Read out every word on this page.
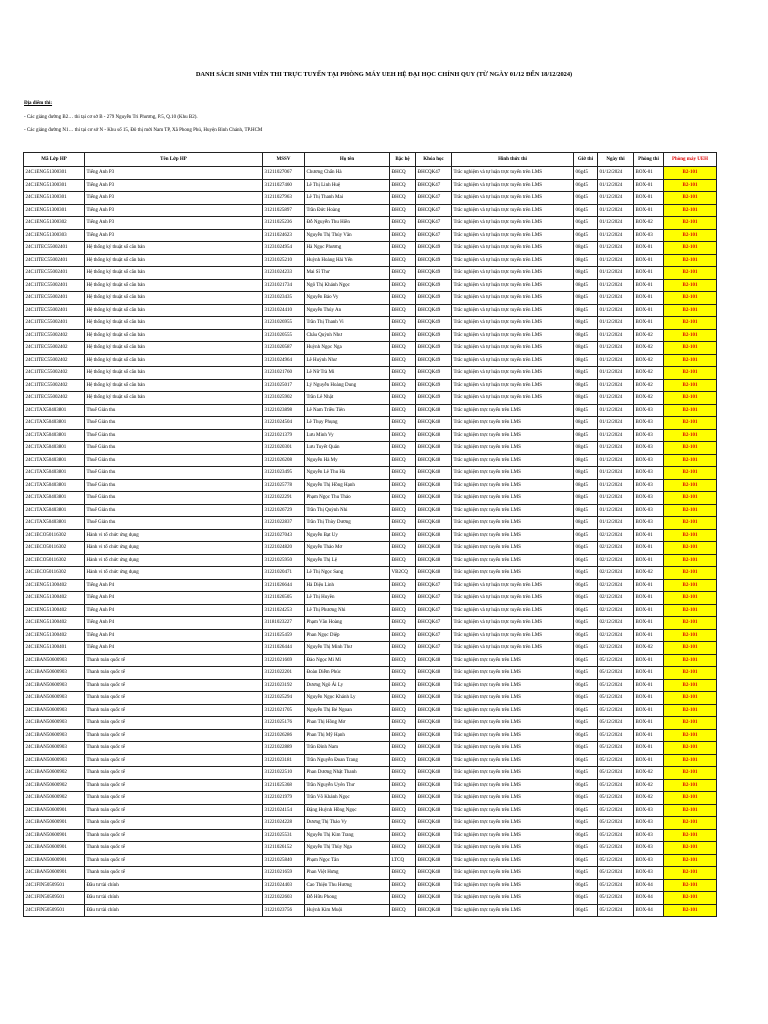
DANH SÁCH SINH VIÊN THI TRỰC TUYẾN TẠI PHÒNG MÁY UEH HỆ ĐẠI HỌC CHÍNH QUY (TỪ NGÀY 01/12 ĐẾN 18/12/2024)
Địa điểm thi:
- Các giảng đường B2… thi tại cơ sở B - 279 Nguyễn Tri Phương, P.5, Q.10 (Khu B2).
- Các giảng đường N1… thi tại cơ sở N - Khu số 15, Đô thị mới Nam TP, Xã Phong Phú, Huyện Bình Chánh, TP.HCM
Mã Lớp HP	Tên Lớp HP	MSSV	Họ tên	Bậc hệ	Khóa học	Hình thức thi	Giờ thi	Ngày thi	Phòng thi	Phòng máy UEH
24C1ENG51300301	Tiếng Anh P3	31211027067	Chương Chấn Hà	ĐHCQ	ĐHCQK47	Trắc nghiệm và tự luận trực tuyến trên LMS	06g45	01/12/2024	BOX-01	B2-101
24C1ENG51300301	Tiếng Anh P3	31211027460	Lê Thị Linh Huệ	ĐHCQ	ĐHCQK47	Trắc nghiệm và tự luận trực tuyến trên LMS	06g45	01/12/2024	BOX-01	B2-101
24C1ENG51300301	Tiếng Anh P3	31211027963	Lê Thị Thanh Mai	ĐHCQ	ĐHCQK47	Trắc nghiệm và tự luận trực tuyến trên LMS	06g45	01/12/2024	BOX-01	B2-101
24C1ENG51300301	Tiếng Anh P3	31211025897	Trần Đức Hoàng	ĐHCQ	ĐHCQK47	Trắc nghiệm và tự luận trực tuyến trên LMS	06g45	01/12/2024	BOX-01	B2-101
24C1ENG51300302	Tiếng Anh P3	31211025236	Đỗ Nguyễn Thu Hiền	ĐHCQ	ĐHCQK47	Trắc nghiệm và tự luận trực tuyến trên LMS	06g45	01/12/2024	BOX-02	B2-101
24C1ENG51300303	Tiếng Anh P3	31211024623	Nguyễn Thị Thúy Vân	ĐHCQ	ĐHCQK47	Trắc nghiệm và tự luận trực tuyến trên LMS	06g45	01/12/2024	BOX-03	B2-101
24C1ITEC55002401	Hệ thống ký thuật số căn bản	31231024954	Hà Ngọc Phương	ĐHCQ	ĐHCQK49	Trắc nghiệm và tự luận trực tuyến trên LMS	08g45	01/12/2024	BOX-01	B2-101
24C1ITEC55002401	Hệ thống ký thuật số căn bản	31231025210	Huỳnh Hoàng Hải Yến	ĐHCQ	ĐHCQK49	Trắc nghiệm và tự luận trực tuyến trên LMS	08g45	01/12/2024	BOX-01	B2-101
24C1ITEC55002401	Hệ thống ký thuật số căn bản	31231024233	Mai Sĩ Thư	ĐHCQ	ĐHCQK49	Trắc nghiệm và tự luận trực tuyến trên LMS	08g45	01/12/2024	BOX-01	B2-101
24C1ITEC55002401	Hệ thống ký thuật số căn bản	31231021734	Ngô Thị Khánh Ngọc	ĐHCQ	ĐHCQK49	Trắc nghiệm và tự luận trực tuyến trên LMS	08g45	01/12/2024	BOX-01	B2-101
24C1ITEC55002401	Hệ thống ký thuật số căn bản	31231023435	Nguyễn Bảo Vy	ĐHCQ	ĐHCQK49	Trắc nghiệm và tự luận trực tuyến trên LMS	08g45	01/12/2024	BOX-01	B2-101
24C1ITEC55002401	Hệ thống ký thuật số căn bản	31231024410	Nguyễn Thúy An	ĐHCQ	ĐHCQK49	Trắc nghiệm và tự luận trực tuyến trên LMS	08g45	01/12/2024	BOX-01	B2-101
24C1ITEC55002401	Hệ thống ký thuật số căn bản	31231026955	Trần Thị Thanh Vi	ĐHCQ	ĐHCQK49	Trắc nghiệm và tự luận trực tuyến trên LMS	08g45	01/12/2024	BOX-01	B2-101
24C1ITEC55002402	Hệ thống ký thuật số căn bản	31231020555	Châu Quỳnh Như	ĐHCQ	ĐHCQK49	Trắc nghiệm và tự luận trực tuyến trên LMS	08g45	01/12/2024	BOX-02	B2-101
24C1ITEC55002402	Hệ thống ký thuật số căn bản	31231020587	Huỳnh Ngọc Nga	ĐHCQ	ĐHCQK49	Trắc nghiệm và tự luận trực tuyến trên LMS	08g45	01/12/2024	BOX-02	B2-101
24C1ITEC55002402	Hệ thống ký thuật số căn bản	31231024964	Lê Huỳnh Như	ĐHCQ	ĐHCQK49	Trắc nghiệm và tự luận trực tuyến trên LMS	08g45	01/12/2024	BOX-02	B2-101
24C1ITEC55002402	Hệ thống ký thuật số căn bản	31231021760	Lê Nữ Trà Mi	ĐHCQ	ĐHCQK49	Trắc nghiệm và tự luận trực tuyến trên LMS	08g45	01/12/2024	BOX-02	B2-101
24C1ITEC55002402	Hệ thống ký thuật số căn bản	31231025017	Lý Nguyễn Hoàng Dung	ĐHCQ	ĐHCQK49	Trắc nghiệm và tự luận trực tuyến trên LMS	08g45	01/12/2024	BOX-02	B2-101
24C1ITEC55002402	Hệ thống ký thuật số căn bản	31231025902	Trần Lê Nhật	ĐHCQ	ĐHCQK49	Trắc nghiệm và tự luận trực tuyến trên LMS	08g45	01/12/2024	BOX-02	B2-101
24C1TAX50403801	Thuế Giản thu	31221023898	Lê Nam Triều Tiên	ĐHCQ	ĐHCQK48	Trắc nghiệm trực tuyến trên LMS	08g45	01/12/2024	BOX-03	B2-101
24C1TAX50403801	Thuế Giản thu	31221024504	Lê Thụy Phụng	ĐHCQ	ĐHCQK48	Trắc nghiệm trực tuyến trên LMS	08g45	01/12/2024	BOX-03	B2-101
24C1TAX50403801	Thuế Giản thu	31221021379	Lưu Minh Vy	ĐHCQ	ĐHCQK48	Trắc nghiệm trực tuyến trên LMS	08g45	01/12/2024	BOX-03	B2-101
24C1TAX50403801	Thuế Giản thu	31221020301	Lưu Tuyết Quân	ĐHCQ	ĐHCQK48	Trắc nghiệm trực tuyến trên LMS	08g45	01/12/2024	BOX-03	B2-101
24C1TAX50403801	Thuế Giản thu	31221026208	Nguyễn Hà My	ĐHCQ	ĐHCQK48	Trắc nghiệm trực tuyến trên LMS	08g45	01/12/2024	BOX-03	B2-101
24C1TAX50403801	Thuế Giản thu	31221023495	Nguyễn Lê Thu Hà	ĐHCQ	ĐHCQK48	Trắc nghiệm trực tuyến trên LMS	08g45	01/12/2024	BOX-03	B2-101
24C1TAX50403801	Thuế Giản thu	31221025778	Nguyễn Thị Hồng Hạnh	ĐHCQ	ĐHCQK48	Trắc nghiệm trực tuyến trên LMS	08g45	01/12/2024	BOX-03	B2-101
24C1TAX50403801	Thuế Giản thu	31221022291	Phạm Ngọc Thu Thảo	ĐHCQ	ĐHCQK48	Trắc nghiệm trực tuyến trên LMS	08g45	01/12/2024	BOX-03	B2-101
24C1TAX50403801	Thuế Giản thu	31221026729	Trần Thị Quỳnh Nhi	ĐHCQ	ĐHCQK48	Trắc nghiệm trực tuyến trên LMS	08g45	01/12/2024	BOX-03	B2-101
24C1TAX50403801	Thuế Giản thu	31221022837	Trần Thị Thùy Dương	ĐHCQ	ĐHCQK48	Trắc nghiệm trực tuyến trên LMS	08g45	01/12/2024	BOX-03	B2-101
24C1ECO50116302	Hành vi tổ chức ứng dụng	31221027043	Nguyễn Bạt Uy	ĐHCQ	ĐHCQK48	Trắc nghiệm trực tuyến trên LMS	06g45	02/12/2024	BOX-01	B2-101
24C1ECO50116302	Hành vi tổ chức ứng dụng	31221024820	Nguyễn Thảo Mơ	ĐHCQ	ĐHCQK48	Trắc nghiệm trực tuyến trên LMS	06g45	02/12/2024	BOX-01	B2-101
24C1ECO50116302	Hành vi tổ chức ứng dụng	31221025950	Nguyễn Thị Lệ	ĐHCQ	ĐHCQK48	Trắc nghiệm trực tuyến trên LMS	06g45	02/12/2024	BOX-01	B2-101
24C1ECO50116302	Hành vi tổ chức ứng dụng	31221020471	Lê Thị Ngọc Sang	VB2CQ	ĐHCQK48	Trắc nghiệm trực tuyến trên LMS	06g45	02/12/2024	BOX-02	B2-101
24C1ENG51300402	Tiếng Anh P4	31211026644	Hà Diệu Linh	ĐHCQ	ĐHCQK47	Trắc nghiệm và tự luận trực tuyến trên LMS	06g45	02/12/2024	BOX-01	B2-101
24C1ENG51300402	Tiếng Anh P4	31211026505	Lê Thị Huyền	ĐHCQ	ĐHCQK47	Trắc nghiệm và tự luận trực tuyến trên LMS	06g45	02/12/2024	BOX-01	B2-101
24C1ENG51300402	Tiếng Anh P4	31211024253	Lê Thị Phương Nhi	ĐHCQ	ĐHCQK47	Trắc nghiệm và tự luận trực tuyến trên LMS	06g45	02/12/2024	BOX-01	B2-101
24C1ENG51300402	Tiếng Anh P4	31181023227	Phạm Văn Hoàng	ĐHCQ	ĐHCQK47	Trắc nghiệm và tự luận trực tuyến trên LMS	06g45	02/12/2024	BOX-01	B2-101
24C1ENG51300402	Tiếng Anh P4	31211025459	Phan Ngọc Diệp	ĐHCQ	ĐHCQK47	Trắc nghiệm và tự luận trực tuyến trên LMS	06g45	02/12/2024	BOX-01	B2-101
24C1ENG51300401	Tiếng Anh P4	31211026444	Nguyễn Thị Minh Thư	ĐHCQ	ĐHCQK47	Trắc nghiệm và tự luận trực tuyến trên LMS	06g45	02/12/2024	BOX-02	B2-101
24C1BAN50600903	Thanh toán quốc tế	31221021669	Đào Ngọc Mi Mi	ĐHCQ	ĐHCQK48	Trắc nghiệm trực tuyến trên LMS	06g45	05/12/2024	BOX-01	B2-101
24C1BAN50600903	Thanh toán quốc tế	31221022201	Đoàn Diễm Phúc	ĐHCQ	ĐHCQK48	Trắc nghiệm trực tuyến trên LMS	06g45	05/12/2024	BOX-01	B2-101
24C1BAN50600903	Thanh toán quốc tế	31221023192	Dương Ngô Ái Ly	ĐHCQ	ĐHCQK48	Trắc nghiệm trực tuyến trên LMS	06g45	05/12/2024	BOX-01	B2-101
24C1BAN50600903	Thanh toán quốc tế	31221025294	Nguyễn Ngọc Khánh Ly	ĐHCQ	ĐHCQK48	Trắc nghiệm trực tuyến trên LMS	06g45	05/12/2024	BOX-01	B2-101
24C1BAN50600903	Thanh toán quốc tế	31221021705	Nguyễn Thị Bé Ngoan	ĐHCQ	ĐHCQK48	Trắc nghiệm trực tuyến trên LMS	06g45	05/12/2024	BOX-01	B2-101
24C1BAN50600903	Thanh toán quốc tế	31221025176	Phan Thị Hồng Mơ	ĐHCQ	ĐHCQK48	Trắc nghiệm trực tuyến trên LMS	06g45	05/12/2024	BOX-01	B2-101
24C1BAN50600903	Thanh toán quốc tế	31221026286	Phan Thị Mỹ Hạnh	ĐHCQ	ĐHCQK48	Trắc nghiệm trực tuyến trên LMS	06g45	05/12/2024	BOX-01	B2-101
24C1BAN50600903	Thanh toán quốc tế	31221022889	Trần Đình Nam	ĐHCQ	ĐHCQK48	Trắc nghiệm trực tuyến trên LMS	06g45	05/12/2024	BOX-01	B2-101
24C1BAN50600903	Thanh toán quốc tế	31221023181	Trần Nguyễn Đoan Trang	ĐHCQ	ĐHCQK48	Trắc nghiệm trực tuyến trên LMS	06g45	05/12/2024	BOX-01	B2-101
24C1BAN50600902	Thanh toán quốc tế	31221022510	Phan Dương Nhật Thanh	ĐHCQ	ĐHCQK48	Trắc nghiệm trực tuyến trên LMS	06g45	05/12/2024	BOX-02	B2-101
24C1BAN50600902	Thanh toán quốc tế	31211025368	Trần Nguyễn Uyên Thư	ĐHCQ	ĐHCQK48	Trắc nghiệm trực tuyến trên LMS	06g45	05/12/2024	BOX-02	B2-101
24C1BAN50600902	Thanh toán quốc tế	31221021979	Trần Võ Khánh Ngọc	ĐHCQ	ĐHCQK48	Trắc nghiệm trực tuyến trên LMS	06g45	05/12/2024	BOX-02	B2-101
24C1BAN50600901	Thanh toán quốc tế	31221024154	Đặng Huỳnh Hồng Ngọc	ĐHCQ	ĐHCQK48	Trắc nghiệm trực tuyến trên LMS	06g45	05/12/2024	BOX-03	B2-101
24C1BAN50600901	Thanh toán quốc tế	31221024228	Dương Thị Thảo Vy	ĐHCQ	ĐHCQK48	Trắc nghiệm trực tuyến trên LMS	06g45	05/12/2024	BOX-03	B2-101
24C1BAN50600901	Thanh toán quốc tế	31221025531	Nguyễn Thị Kim Trang	ĐHCQ	ĐHCQK48	Trắc nghiệm trực tuyến trên LMS	06g45	05/12/2024	BOX-03	B2-101
24C1BAN50600901	Thanh toán quốc tế	31211026152	Nguyễn Thị Thùy Nga	ĐHCQ	ĐHCQK48	Trắc nghiệm trực tuyến trên LMS	06g45	05/12/2024	BOX-03	B2-101
24C1BAN50600901	Thanh toán quốc tế	31221025840	Phạm Ngọc Tân	LTCQ	ĐHCQK48	Trắc nghiệm trực tuyến trên LMS	06g45	05/12/2024	BOX-03	B2-101
24C1BAN50600901	Thanh toán quốc tế	31221021659	Phan Việt Hưng	ĐHCQ	ĐHCQK48	Trắc nghiệm trực tuyến trên LMS	06g45	05/12/2024	BOX-03	B2-101
24C1FIN50509501	Đầu tư tài chính	31221024403	Cao Thiện Thu Hương	ĐHCQ	ĐHCQK48	Trắc nghiệm trực tuyến trên LMS	06g45	05/12/2024	BOX-04	B2-101
24C1FIN50509501	Đầu tư tài chính	31221022603	Đỗ Hữu Phong	ĐHCQ	ĐHCQK48	Trắc nghiệm trực tuyến trên LMS	06g45	05/12/2024	BOX-04	B2-101
24C1FIN50509501	Đầu tư tài chính	31221023756	Huỳnh Kim Muội	ĐHCQ	ĐHCQK48	Trắc nghiệm trực tuyến trên LMS	06g45	05/12/2024	BOX-04	B2-101
